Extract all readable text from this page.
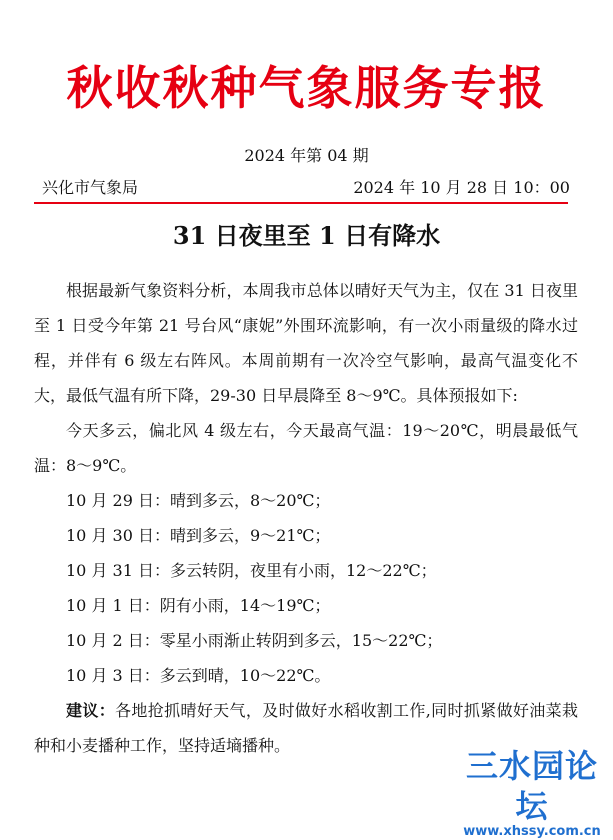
秋收秋种气象服务专报
2024 年第 04 期
兴化市气象局	2024 年 10 月 28 日 10：00
31 日夜里至 1 日有降水

根据最新气象资料分析，本周我市总体以晴好天气为主，仅在 31 日夜里至 1 日受今年第 21 号台风“康妮”外围环流影响，有一次小雨量级的降水过程，并伴有 6 级左右阵风。本周前期有一次冷空气影响，最高气温变化不大，最低气温有所下降，29-30 日早晨降至 8～9℃。具体预报如下:

今天多云，偏北风 4 级左右，今天最高气温：19～20℃，明晨最低气温：8～9℃。

10 月 29 日：晴到多云，8～20℃；
10 月 30 日：晴到多云，9～21℃；
10 月 31 日：多云转阴，夜里有小雨，12～22℃；
10 月 1 日：阴有小雨，14～19℃；
10 月 2 日：零星小雨渐止转阴到多云，15～22℃；
10 月 3 日：多云到晴，10～22℃。

建议：各地抢抓晴好天气，及时做好水稻收割工作,同时抓紧做好油菜栽种和小麦播种工作，坚持适墒播种。

三水园论坛
www.xhssy.com.cn
